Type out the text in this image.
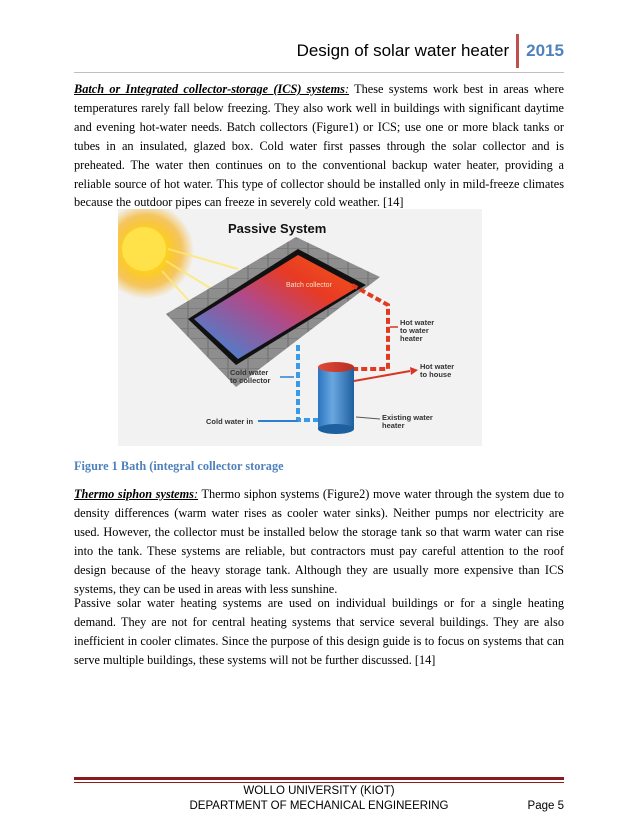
Design of solar water heater	2015
Batch or Integrated collector-storage (ICS) systems: These systems work best in areas where temperatures rarely fall below freezing. They also work well in buildings with significant daytime and evening hot-water needs. Batch collectors (Figure1) or ICS; use one or more black tanks or tubes in an insulated, glazed box. Cold water first passes through the solar collector and is preheated. The water then continues on to the conventional backup water heater, providing a reliable source of hot water. This type of collector should be installed only in mild-freeze climates because the outdoor pipes can freeze in severely cold weather. [14]
Passive System
Batch collector
Hot water
to water
heater
Cold water
to collector
Hot water
to house
Cold water in	Existing water
heater
Figure 1 Bath (integral collector storage
Thermo siphon systems: Thermo siphon systems (Figure2) move water through the system due to density differences (warm water rises as cooler water sinks). Neither pumps nor electricity are used. However, the collector must be installed below the storage tank so that warm water can rise into the tank. These systems are reliable, but contractors must pay careful attention to the roof design because of the heavy storage tank. Although they are usually more expensive than ICS systems, they can be used in areas with less sunshine.
Passive solar water heating systems are used on individual buildings or for a single heating demand. They are not for central heating systems that service several buildings. They are also inefficient in cooler climates. Since the purpose of this design guide is to focus on systems that can serve multiple buildings, these systems will not be further discussed. [14]
WOLLO UNIVERSITY (KIOT)
DEPARTMENT OF MECHANICAL ENGINEERING	Page 5
